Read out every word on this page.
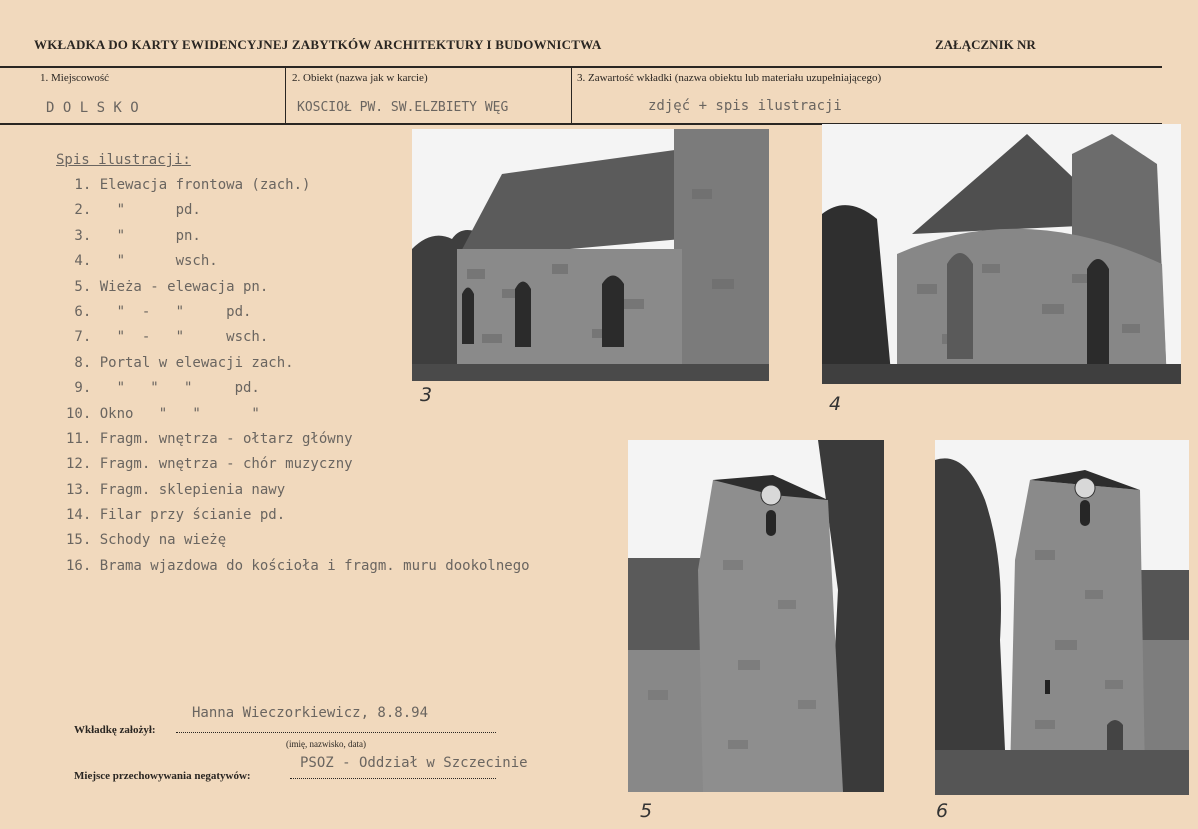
WKŁADKA DO KARTY EWIDENCYJNEJ ZABYTKÓW ARCHITEKTURY I BUDOWNICTWA	ZAŁĄCZNIK NR
1. Miejscowość
D O L S K O
2. Obiekt (nazwa jak w karcie)
KOSCIOŁ PW. SW.ELZBIETY WĘG
3. Zawartość wkładki (nazwa obiektu lub materiału uzupełniającego)
zdjęć + spis ilustracji
Spis ilustracji:
1. Elewacja frontowa (zach.)
2.   "      pd.
3.   "      pn.
4.   "      wsch.
5. Wieża - elewacja pn.
6.   "  -   "     pd.
7.   "  -   "     wsch.
8. Portal w elewacji zach.
9.   "   "   "     pd.
10. Okno   "   "      "
11. Fragm. wnętrza - ołtarz główny
12. Fragm. wnętrza - chór muzyczny
13. Fragm. sklepienia nawy
14. Filar przy ścianie pd.
15. Schody na wieżę
16. Brama wjazdowa do kościoła i fragm. muru dookolnego
3	4
5	6
Hanna Wieczorkiewicz, 8.8.94
Wkładkę założył:
(imię, nazwisko, data)
PSOZ - Oddział w Szczecinie
Miejsce przechowywania negatywów:
